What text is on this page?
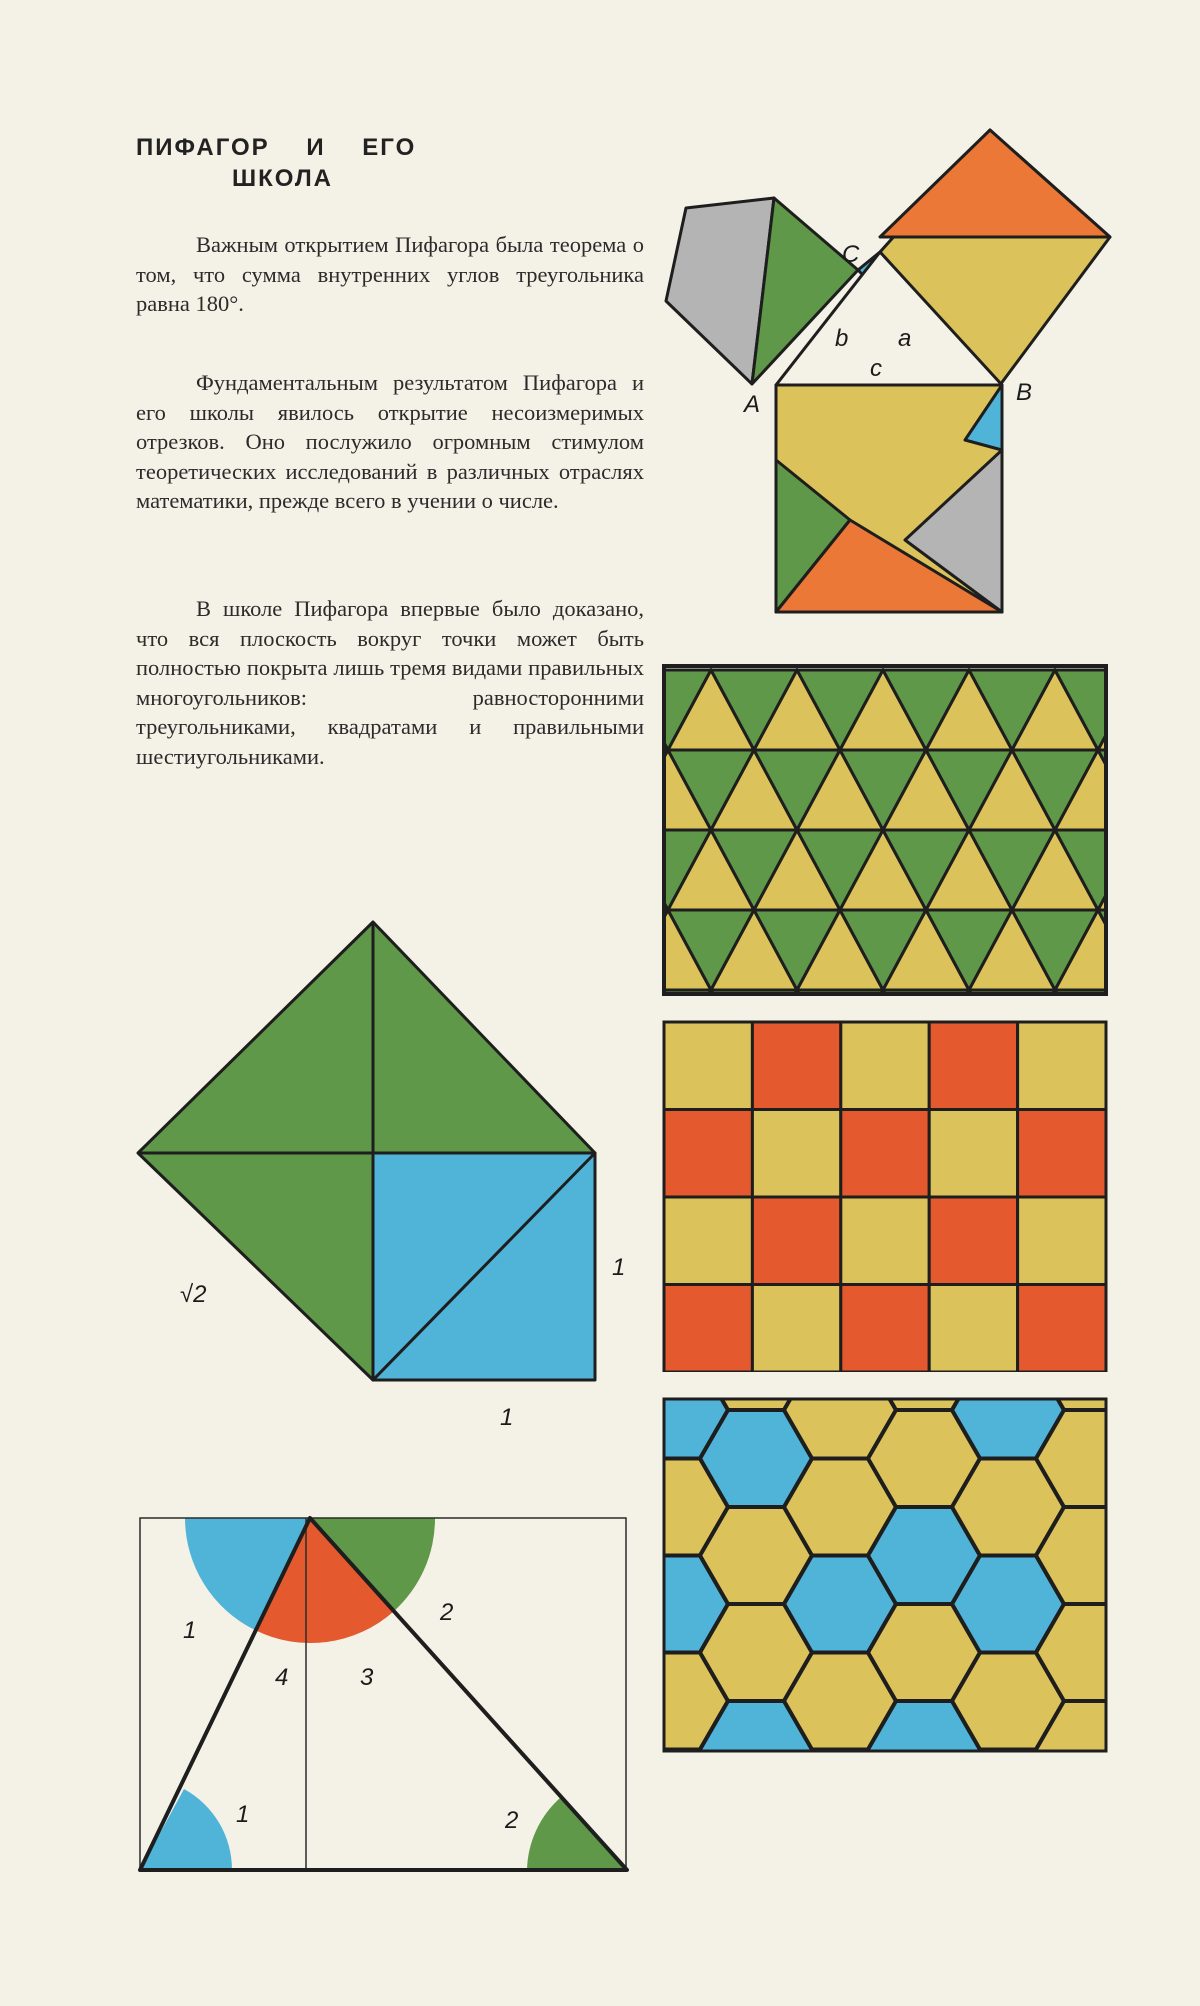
ПИФАГОР И ЕГО
ШКОЛА

Важным открытием Пифагора была теорема о том, что сумма внутренних углов треугольника равна 180°.

Фундаментальным результатом Пифагора и его школы явилось открытие несоизмеримых отрезков. Оно послужило огромным стимулом теоретических исследований в различных отраслях математики, прежде всего в учении о числе.

В школе Пифагора впервые было доказано, что вся плоскость вокруг точки может быть полностью покрыта лишь тремя видами правильных многоугольников: равносторонними треугольниками, квадратами и правильными шестиугольниками.

C
A	B
a
b
c
√2
1
1
1
2
4	3
1	2
